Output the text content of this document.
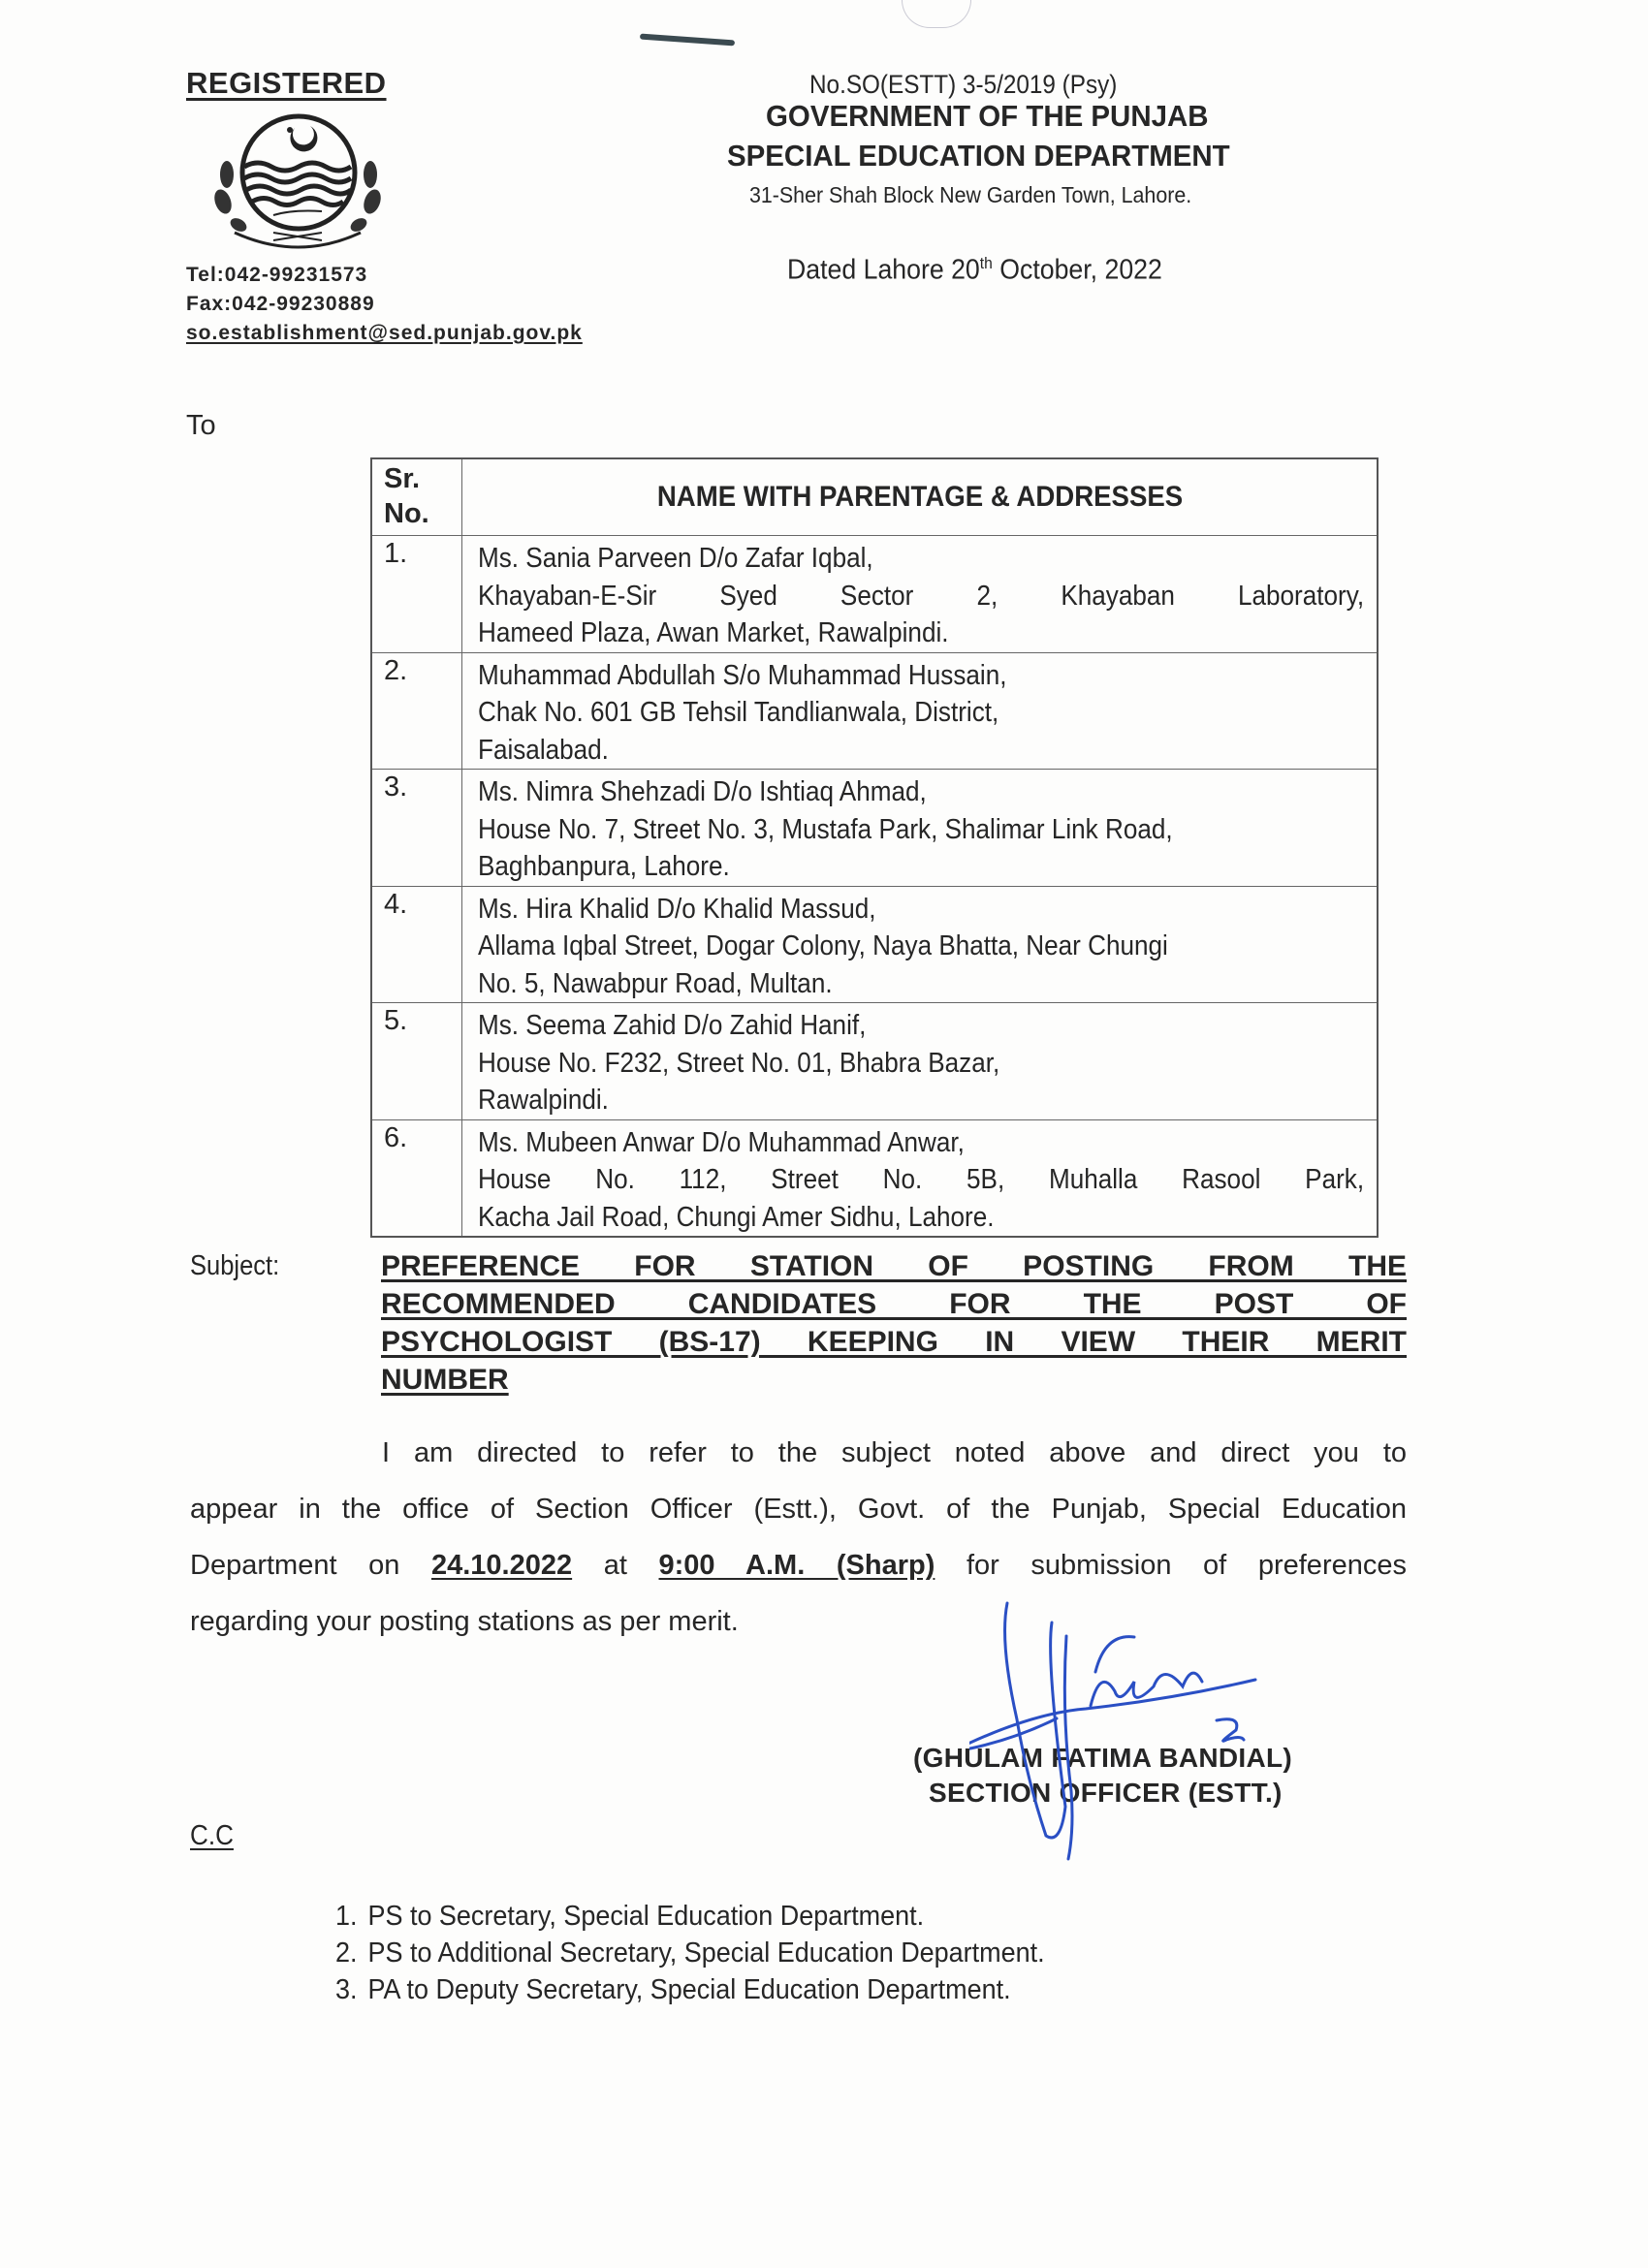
REGISTERED
Tel:042-99231573
Fax:042-99230889
so.establishment@sed.punjab.gov.pk
No.SO(ESTT) 3-5/2019 (Psy)
GOVERNMENT OF THE PUNJAB
SPECIAL EDUCATION DEPARTMENT
31-Sher Shah Block New Garden Town, Lahore.
Dated Lahore 20th October, 2022
To
Sr.
No.	NAME WITH PARENTAGE & ADDRESSES
1.	Ms. Sania Parveen D/o Zafar Iqbal,
Khayaban-E-Sir Syed Sector 2, Khayaban Laboratory,
Hameed Plaza, Awan Market, Rawalpindi.

2.	Muhammad Abdullah S/o Muhammad Hussain,
Chak No. 601 GB Tehsil Tandlianwala, District,
Faisalabad.

3.	Ms. Nimra Shehzadi D/o Ishtiaq Ahmad,
House No. 7, Street No. 3, Mustafa Park, Shalimar Link Road,
Baghbanpura, Lahore.

4.	Ms. Hira Khalid D/o Khalid Massud,
Allama Iqbal Street, Dogar Colony, Naya Bhatta, Near Chungi
No. 5, Nawabpur Road, Multan.

5.	Ms. Seema Zahid D/o Zahid Hanif,
House No. F232, Street No. 01, Bhabra Bazar,
Rawalpindi.

6.	Ms. Mubeen Anwar D/o Muhammad Anwar,
House No. 112, Street No. 5B, Muhalla Rasool Park,
Kacha Jail Road, Chungi Amer Sidhu, Lahore.
Subject:	PREFERENCE FOR STATION OF POSTING FROM THE
RECOMMENDED CANDIDATES FOR THE POST OF
PSYCHOLOGIST (BS-17) KEEPING IN VIEW THEIR MERIT
NUMBER
I am directed to refer to the subject noted above and direct you to
appear in the office of Section Officer (Estt.), Govt. of the Punjab, Special Education
Department on 24.10.2022 at 9:00 A.M. (Sharp) for submission of preferences
regarding your posting stations as per merit.
(GHULAM FATIMA BANDIAL)
SECTION OFFICER (ESTT.)
C.C
1. PS to Secretary, Special Education Department.
2. PS to Additional Secretary, Special Education Department.
3. PA to Deputy Secretary, Special Education Department.
